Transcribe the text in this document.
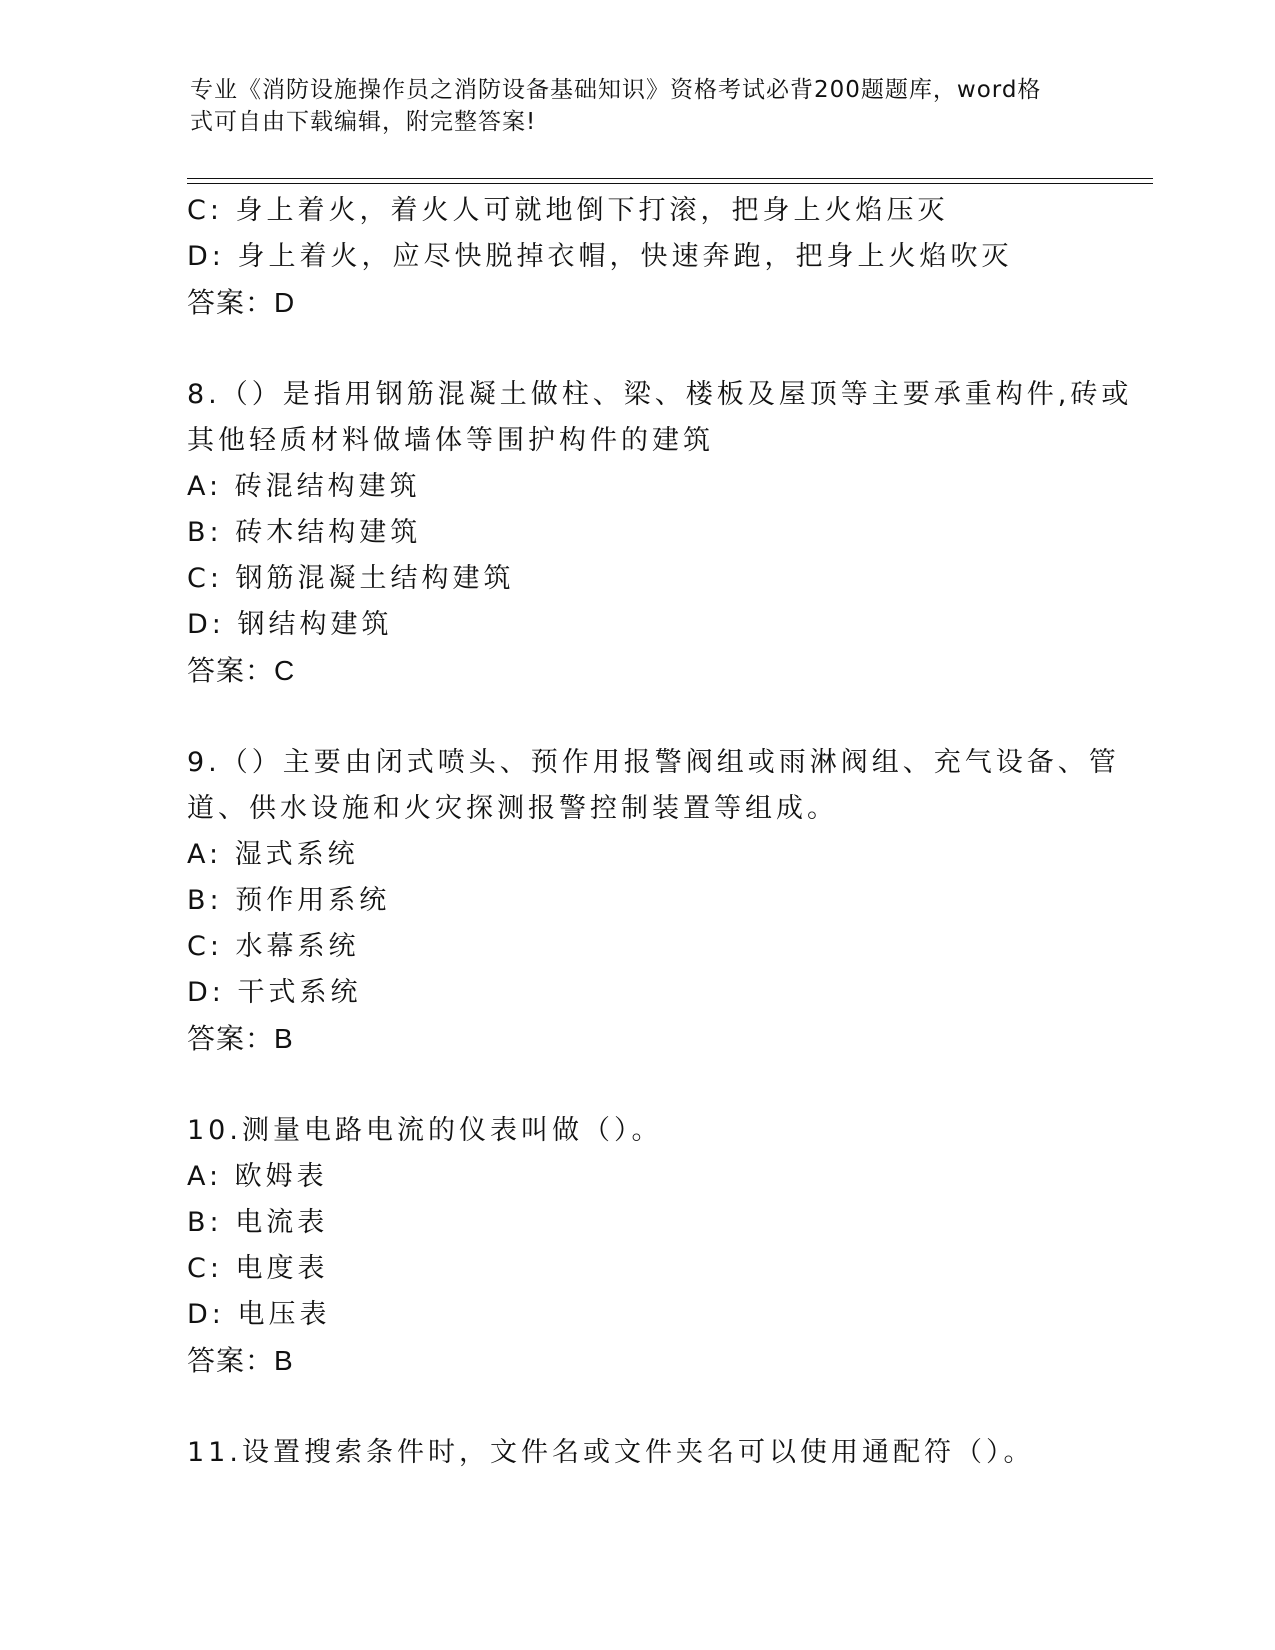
专业《消防设施操作员之消防设备基础知识》资格考试必背200题题库，word格
式可自由下载编辑，附完整答案!
C: 身上着火，着火人可就地倒下打滚，把身上火焰压灭
D: 身上着火，应尽快脱掉衣帽，快速奔跑，把身上火焰吹灭
答案：D
8.（）是指用钢筋混凝土做柱、梁、楼板及屋顶等主要承重构件,砖或
其他轻质材料做墙体等围护构件的建筑
A: 砖混结构建筑
B: 砖木结构建筑
C: 钢筋混凝土结构建筑
D: 钢结构建筑
答案：C
9.（）主要由闭式喷头、预作用报警阀组或雨淋阀组、充气设备、管
道、供水设施和火灾探测报警控制装置等组成。
A: 湿式系统
B: 预作用系统
C: 水幕系统
D: 干式系统
答案：B
10.测量电路电流的仪表叫做（）。
A: 欧姆表
B: 电流表
C: 电度表
D: 电压表
答案：B
11.设置搜索条件时，文件名或文件夹名可以使用通配符（）。
